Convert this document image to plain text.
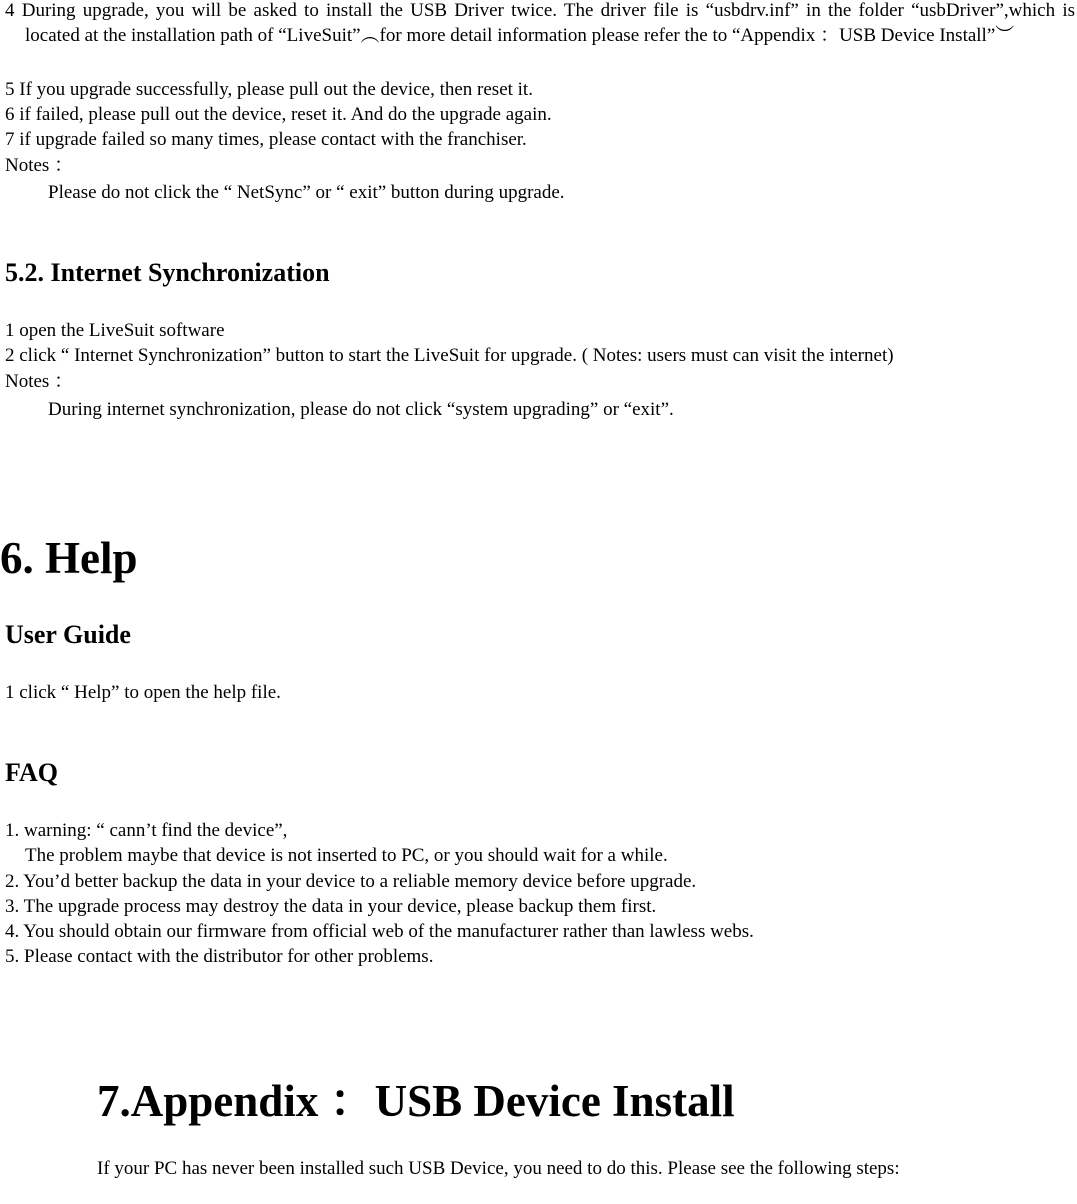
4 During upgrade, you will be asked to install the USB Driver twice. The driver file is “usbdrv.inf” in the folder “usbDriver”,which is located at the installation path of “LiveSuit”︵for more detail information please refer the to “Appendix ：USB Device Install”︶

5 If you upgrade successfully, please pull out the device, then reset it.

6 if failed, please pull out the device, reset it. And do the upgrade again.

7 if upgrade failed so many times, please contact with the franchiser.

Notes ：

Please do not click the “ NetSync” or “ exit” button during upgrade.

5.2. Internet Synchronization

1 open the LiveSuit software

2 click “ Internet Synchronization” button to start the LiveSuit for upgrade. ( Notes: users must can visit the internet)

Notes ：

During internet synchronization, please do not click “system upgrading” or “exit”.

6. Help
User Guide

1 click “ Help” to open the help file.

FAQ

1. warning: “ cann’t find the device”,

The problem maybe that device is not inserted to PC, or you should wait for a while.

2. You’d better backup the data in your device to a reliable memory device before upgrade.

3. The upgrade process may destroy the data in your device, please backup them first.

4. You should obtain our firmware from official web of the manufacturer rather than lawless webs.

5. Please contact with the distributor for other problems.

7.Appendix ：USB Device Install

If your PC has never been installed such USB Device, you need to do this. Please see the following steps:
